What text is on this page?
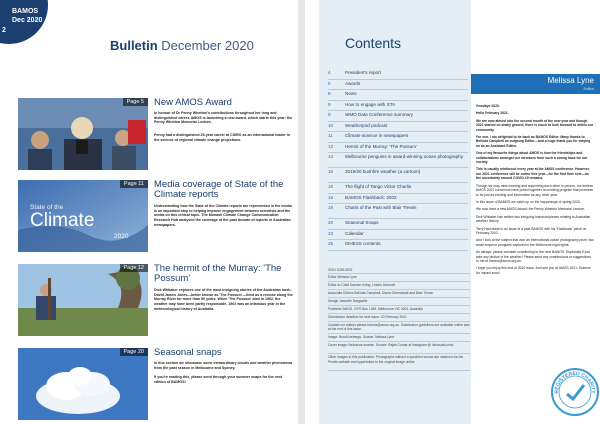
BAMOS
Dec 2020
2
Bulletin December 2020
Page 5	New AMOS Award
In honour of Dr Penny Whetton's contributions throughout her long and distinguished career, AMOS is launching a new award, which starts this year: the Penny Whetton Memorial Lecture.
Penny had a distinguished 25-year career at CSIRO as an international leader in the science of regional climate change projections.
State of the
Climate
2020
Page 11	Media coverage of State of the Climate reports
Understanding how the State of the Climate reports are represented in the media is an important step to helping improve engagement between scientists and the media on this critical topic. The Monash Climate Change Communication Research Hub analysed the coverage of the past decade of reports in Australian newspapers.
Page 12	The hermit of the Murray: 'The Possum'
Dick Whitaker explores one of the most intriguing stories of the Australian bush. David James Jones—better known as 'The Possum'—lived as a recluse along the Murray River for more than 50 years. When 'The Possum' died in 1962, the weather may have been partly responsible. 1962 was an infamous year in the meteorological history of Australia.
Page 20	Seasonal snaps
In this section we showcase some extraordinary clouds and weather phenomena from the past season in Melbourne and Sydney.
If you're reading this, please send through your summer snaps for the next edition of BAMOS!
Contents
4	President's report
5	Awards
8	News
9	How to engage with STA
9	WMO Data Conference summary
10	Weatherpod podcast
11	Climate science in newspapers
12	Hermit of the Murray: 'The Possum'
14	Melbourne penguins in award-winning ocean photography
15	2019/20 bushfire weather (a cartoon)
16	The flight of Tango Victor Charlie
18	BAMOS Flashback: 2002
19	Charts of the Past with Blair Trewin
20	Seasonal Snaps
23	Calendar
25	ISHESS contents
ISSN 1035-6576
Editor Melissa Lyne
Editor-in-Chief Damien Irving, Linden Ashcroft
Associate Editors Belinda Campbell, Diana Greenslade and Blair Trewin
Design Jeanette Dargaville
Publisher AMOS, GPO Box 1289, Melbourne VIC 3001, Australia
Submission deadline for next issue: 20 February 2021
Contact our editors please bamos@amos.org.au. Submission guidelines are available online and at the end of this issue.
Image: Bondi Icebergs. Source: Melissa Lyne
Cover image: Nebulous sunrise. Source: Rajah Cumar at Instagram @ hkvisuals.xmul
Other images in this publication: Photographs without a specified source are obtained via the Pexels website and hyperlinked to the original image online.
Melissa Lyne
Editor

Goodbye 2020.

Hello February 2021.

We are now almost into the second month of the new year and though 2021 started on shaky ground, there is much to look forward to within our community.

For one, I am delighted to be back as BAMOS Editor. Many thanks to Belinda Campbell as outgoing Editor—and a huge thank you for staying on as an Assistant Editor.

One of my favourite things about AMOS is how the friendships and collaborations amongst our members form such a strong base for our society.

This is usually reinforced every year at the AMOS conference. However, our 2021 conference will be online this year—for the first time ever—as the uncertainty around COVID-19 remains.

Though we may miss meeting and supporting each other in person, our tireless AMOS 2021 convenors have pulled together an exciting program that promises to be just as exciting and informative as any other year.

In this issue of BAMOS we catch up on the happenings of spring 2020.

We now have a new AMOS Award: the Penny Whetton Memorial Lecture.

Dick Whitaker has written two intriguing historical pieces relating to Australian weather history.

Terry Hart leads in an issue of a past BAMOS with his 'Flashback' piece on February 2002.

And I look at the subject that won an international ocean photography prize: two small emperor penguins captured in the Melbourne night lights.

As always, please consider contributing to the next BAMOS. Especially if you take any photos of the weather! Please send any contributions or suggestions to me at bamos@amos.org.au.

I hope you enjoy this end of 2020 issue. And see you at AMOS 2021: Science for Impact soon!

REGISTERED CHARITY
